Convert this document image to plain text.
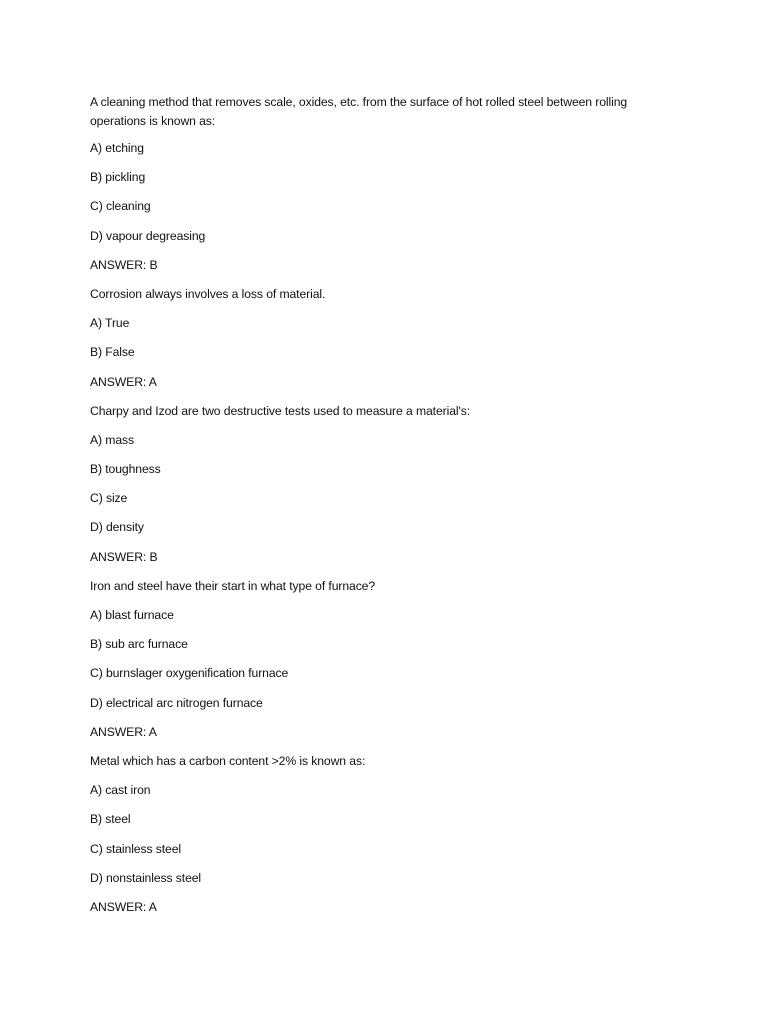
A cleaning method that removes scale, oxides, etc. from the surface of hot rolled steel between rolling operations is known as:
A) etching
B) pickling
C) cleaning
D) vapour degreasing
ANSWER: B
Corrosion always involves a loss of material.
A) True
B) False
ANSWER: A
Charpy and Izod are two destructive tests used to measure a material's:
A) mass
B) toughness
C) size
D) density
ANSWER: B
Iron and steel have their start in what type of furnace?
A) blast furnace
B) sub arc furnace
C) burnslager oxygenification furnace
D) electrical arc nitrogen furnace
ANSWER: A
Metal which has a carbon content >2% is known as:
A) cast iron
B) steel
C) stainless steel
D) nonstainless steel
ANSWER: A
